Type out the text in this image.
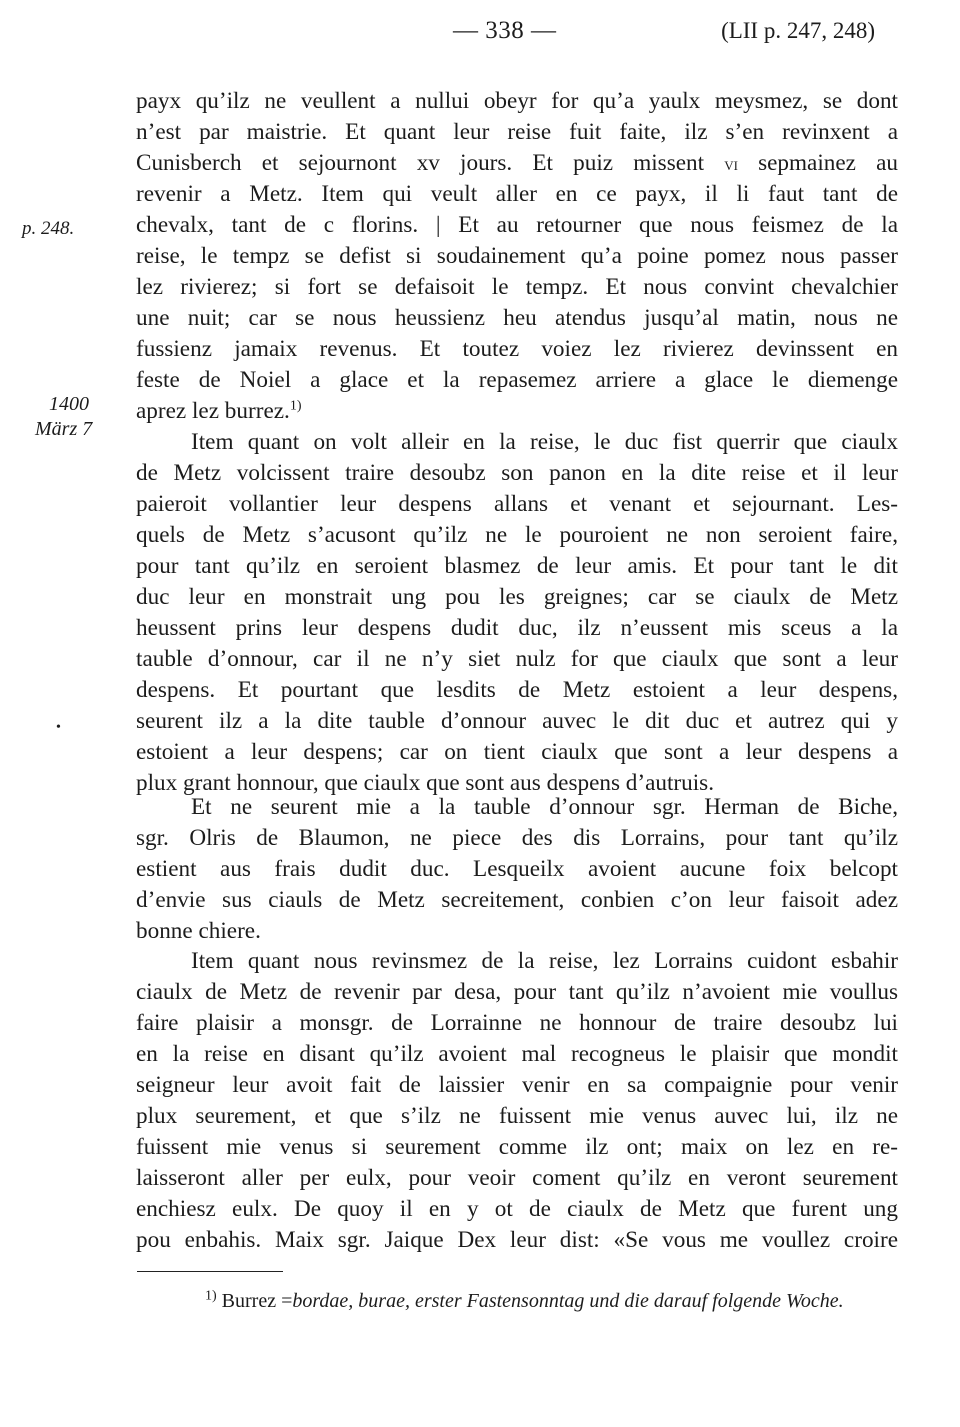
— 338 —	(LII p. 247, 248)
p. 248.
1400
März 7
•
payx qu’ilz ne veullent a nullui obeyr for qu’a yaulx meysmez, se dont
n’est par maistrie. Et quant leur reise fuit faite, ilz s’en revinxent a
Cunisberch et sejournont xv jours. Et puiz missent vi sepmainez au
revenir a Metz. Item qui veult aller en ce payx, il li faut tant de
chevalx, tant de c florins. | Et au retourner que nous feismez de la
reise, le tempz se defist si soudainement qu’a poine pomez nous passer
lez rivierez; si fort se defaisoit le tempz. Et nous convint chevalchier
une nuit; car se nous heussienz heu atendus jusqu’al matin, nous ne
fussienz jamaix revenus. Et toutez voiez lez rivierez devinssent en
feste de Noiel a glace et la repasemez arriere a glace le diemenge
aprez lez burrez.$^{1)}$
Item quant on volt alleir en la reise, le duc fist querrir que ciaulx
de Metz volcissent traire desoubz son panon en la dite reise et il leur
paieroit vollantier leur despens allans et venant et sejournant. Les-
quels de Metz s’acusont qu’ilz ne le pouroient ne non seroient faire,
pour tant qu’ilz en seroient blasmez de leur amis. Et pour tant le dit
duc leur en monstrait ung pou les greignes; car se ciaulx de Metz
heussent prins leur despens dudit duc, ilz n’eussent mis sceus a la
tauble d’onnour, car il ne n’y siet nulz for que ciaulx que sont a leur
despens. Et pourtant que lesdits de Metz estoient a leur despens,
seurent ilz a la dite tauble d’onnour auvec le dit duc et autrez qui y
estoient a leur despens; car on tient ciaulx que sont a leur despens a
plux grant honnour, que ciaulx que sont aus despens d’autruis.
Et ne seurent mie a la tauble d’onnour sgr. Herman de Biche,
sgr. Olris de Blaumon, ne piece des dis Lorrains, pour tant qu’ilz
estient aus frais dudit duc. Lesqueilx avoient aucune foix belcopt
d’envie sus ciauls de Metz secreitement, conbien c’on leur faisoit adez
bonne chiere.
Item quant nous revinsmez de la reise, lez Lorrains cuidont esbahir
ciaulx de Metz de revenir par desa, pour tant qu’ilz n’avoient mie voullus
faire plaisir a monsgr. de Lorrainne ne honnour de traire desoubz lui
en la reise en disant qu’ilz avoient mal recogneus le plaisir que mondit
seigneur leur avoit fait de laissier venir en sa compaignie pour venir
plux seurement, et que s’ilz ne fuissent mie venus auvec lui, ilz ne
fuissent mie venus si seurement comme ilz ont; maix on lez en re-
laisseront aller per eulx, pour veoir coment qu’ilz en veront seurement
enchiesz eulx. De quoy il en y ot de ciaulx de Metz que furent ung
pou enbahis. Maix sgr. Jaique Dex leur dist: «Se vous me voullez croire
$^{1)}$ Burrez =bordae, burae, erster Fastensonntag und die darauf folgende Woche.
